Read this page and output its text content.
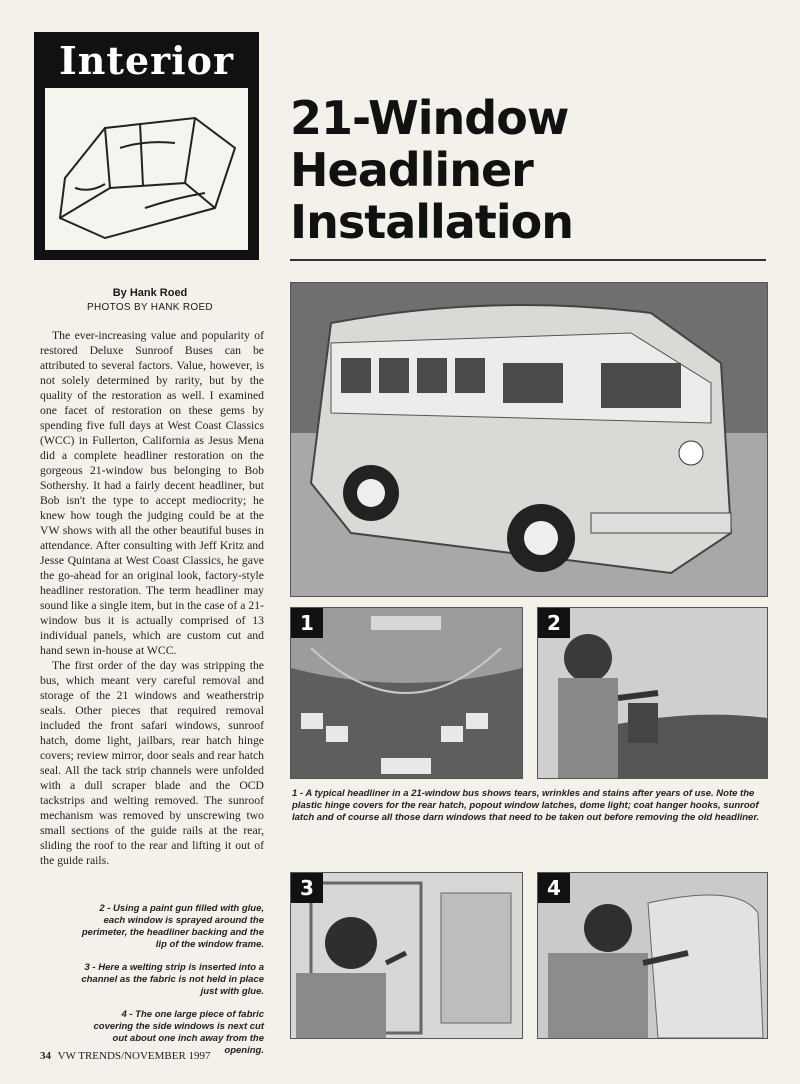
Interior
21-Window
Headliner
Installation
By Hank Roed
PHOTOS BY HANK ROED

The ever-increasing value and popularity of restored Deluxe Sunroof Buses can be attributed to several factors. Value, however, is not solely determined by rarity, but by the quality of the restoration as well. I examined one facet of restoration on these gems by spending five full days at West Coast Classics (WCC) in Fullerton, California as Jesus Mena did a complete headliner restoration on the gorgeous 21-window bus belonging to Bob Sothershy. It had a fairly decent headliner, but Bob isn't the type to accept mediocrity; he knew how tough the judging could be at the VW shows with all the other beautiful buses in attendance. After consulting with Jeff Kritz and Jesse Quintana at West Coast Classics, he gave the go-ahead for an original look, factory-style headliner restoration. The term headliner may sound like a single item, but in the case of a 21-window bus it is actually comprised of 13 individual panels, which are custom cut and hand sewn in-house at WCC.

The first order of the day was stripping the bus, which meant very careful removal and storage of the 21 windows and weatherstrip seals. Other pieces that required removal included the front safari windows, sunroof hatch, dome light, jailbars, rear hatch hinge covers; review mirror, door seals and rear hatch seal. All the tack strip channels were unfolded with a dull scraper blade and the OCD tackstrips and welting removed. The sunroof mechanism was removed by unscrewing two small sections of the guide rails at the rear, sliding the roof to the rear and lifting it out of the guide rails.

2 - Using a paint gun filled with glue, each window is sprayed around the perimeter, the headliner backing and the lip of the window frame.
3 - Here a welting strip is inserted into a channel as the fabric is not held in place just with glue.
4 - The one large piece of fabric covering the side windows is next cut out about one inch away from the opening.
1	2
1 - A typical headliner in a 21-window bus shows tears, wrinkles and stains after years of use. Note the plastic hinge covers for the rear hatch, popout window latches, dome light; coat hanger hooks, sunroof latch and of course all those darn windows that need to be taken out before removing the old headliner.
3	4
34 VW TRENDS/NOVEMBER 1997
